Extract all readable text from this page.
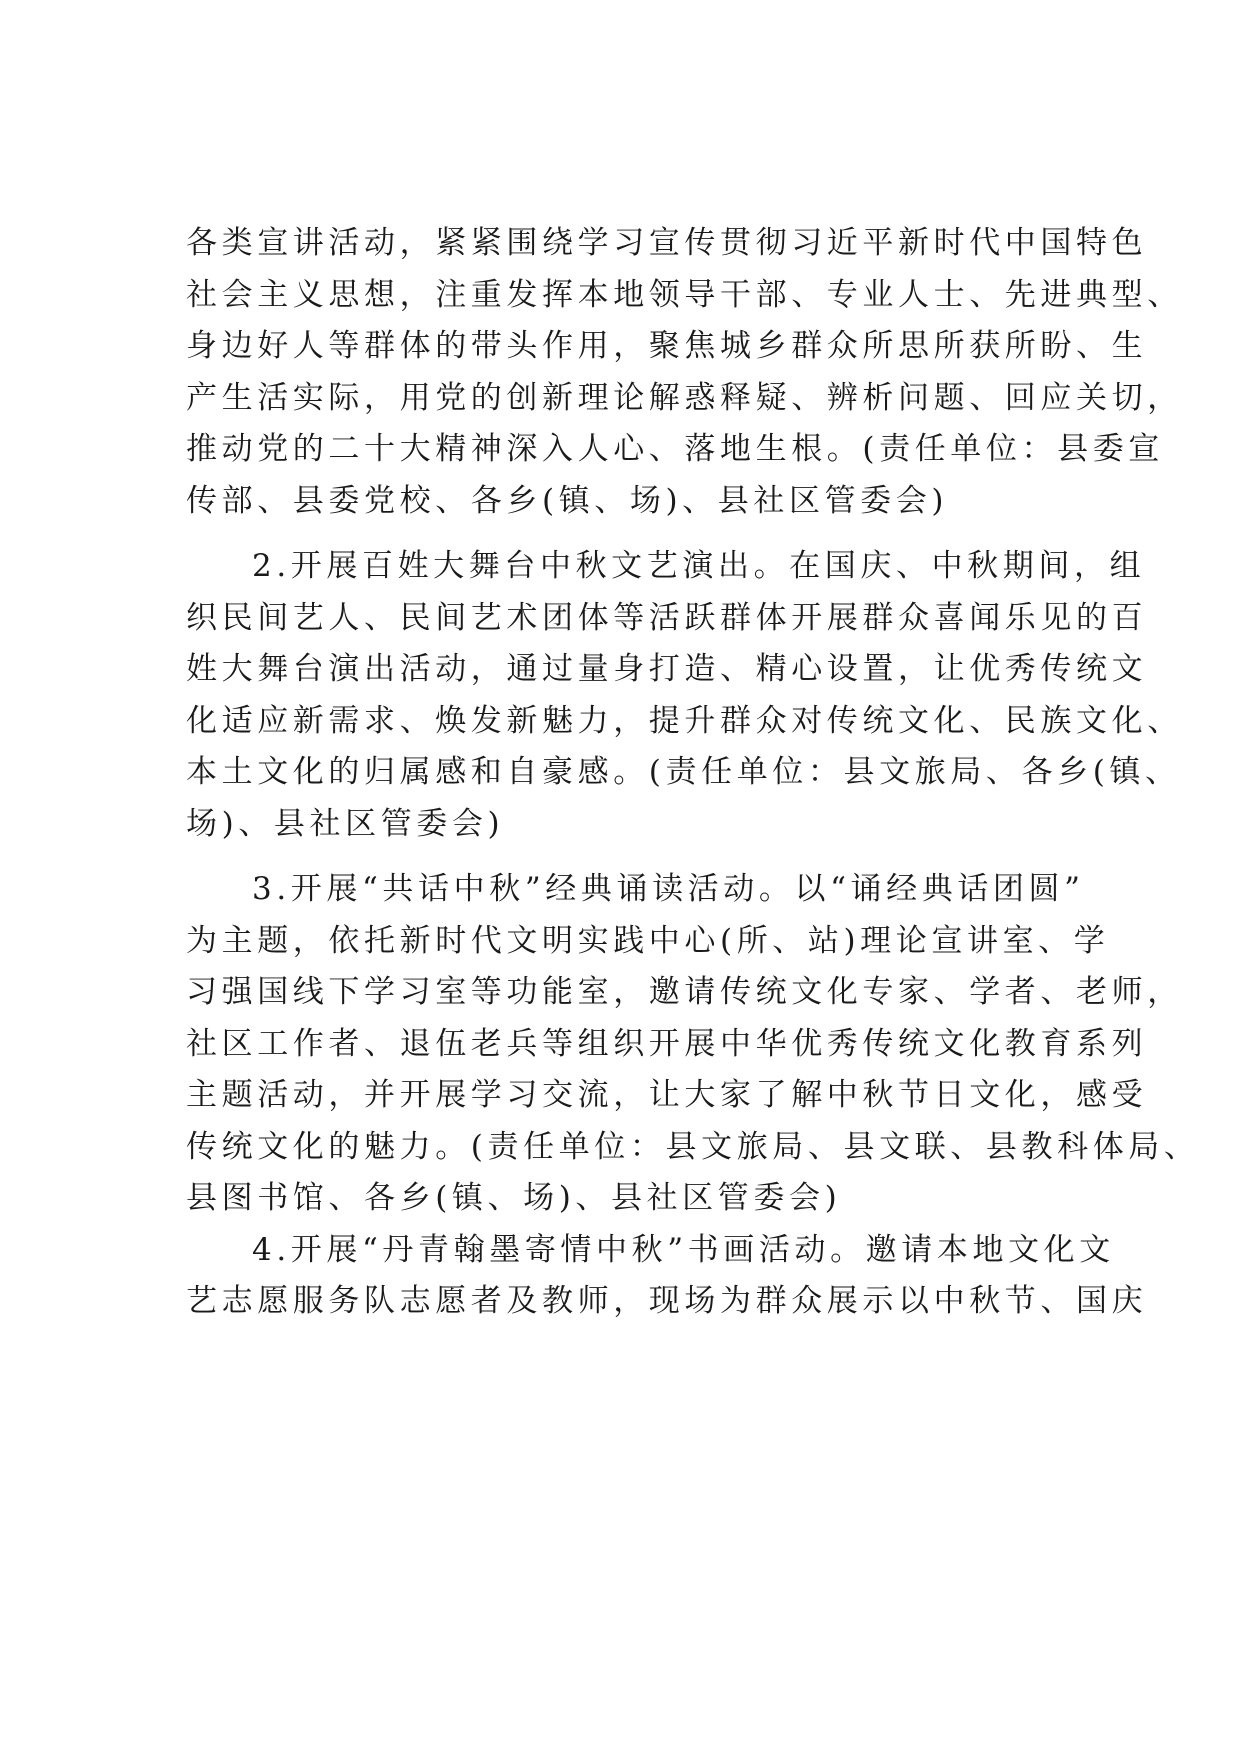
各类宣讲活动，紧紧围绕学习宣传贯彻习近平新时代中国特色
社会主义思想，注重发挥本地领导干部、专业人士、先进典型、
身边好人等群体的带头作用，聚焦城乡群众所思所获所盼、生
产生活实际，用党的创新理论解惑释疑、辨析问题、回应关切，
推动党的二十大精神深入人心、落地生根。(责任单位：县委宣
传部、县委党校、各乡(镇、场)、县社区管委会)

2.开展百姓大舞台中秋文艺演出。在国庆、中秋期间，组
织民间艺人、民间艺术团体等活跃群体开展群众喜闻乐见的百
姓大舞台演出活动，通过量身打造、精心设置，让优秀传统文
化适应新需求、焕发新魅力，提升群众对传统文化、民族文化、
本土文化的归属感和自豪感。(责任单位：县文旅局、各乡(镇、
场)、县社区管委会)

3.开展“共话中秋”经典诵读活动。以“诵经典话团圆”
为主题，依托新时代文明实践中心(所、站)理论宣讲室、学
习强国线下学习室等功能室，邀请传统文化专家、学者、老师，
社区工作者、退伍老兵等组织开展中华优秀传统文化教育系列
主题活动，并开展学习交流，让大家了解中秋节日文化，感受
传统文化的魅力。(责任单位：县文旅局、县文联、县教科体局、
县图书馆、各乡(镇、场)、县社区管委会)

4.开展“丹青翰墨寄情中秋”书画活动。邀请本地文化文
艺志愿服务队志愿者及教师，现场为群众展示以中秋节、国庆
